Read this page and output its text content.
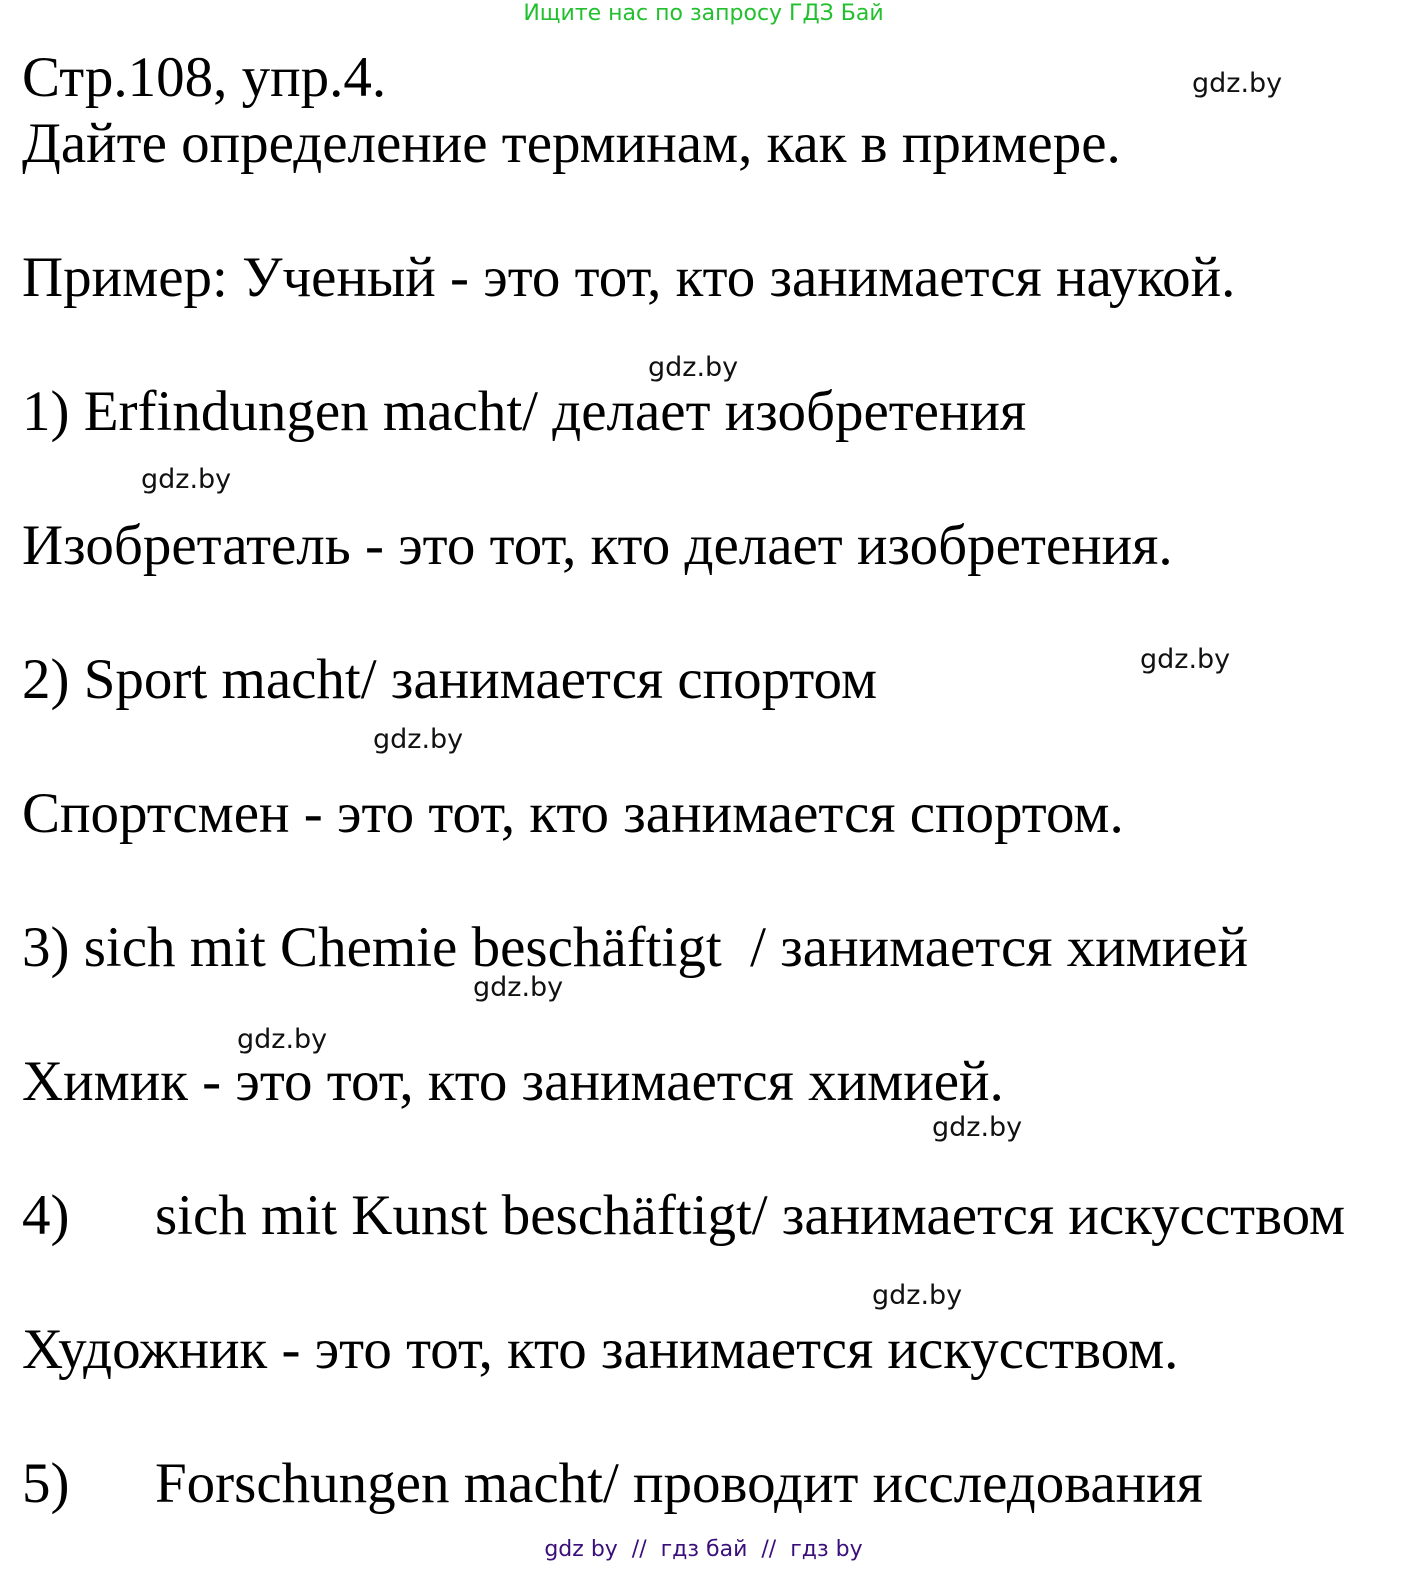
Ищите нас по запросу ГДЗ Бай
Стр.108, упр.4.
Дайте определение терминам, как в примере.
Пример: Ученый - это тот, кто занимается наукой.
1) Erfindungen macht/ делает изобретения
Изобретатель - это тот, кто делает изобретения.
2) Sport macht/ занимается спортом
Спортсмен - это тот, кто занимается спортом.
3) sich mit Chemie beschäftigt  / занимается химией
Химик - это тот, кто занимается химией.
4)      sich mit Kunst beschäftigt/ занимается искусством
Художник - это тот, кто занимается искусством.
5)      Forschungen macht/ проводит исследования
gdz.by
gdz.by
gdz.by
gdz.by
gdz.by
gdz.by
gdz.by
gdz.by
gdz.by
gdz by  //  гдз бай  //  гдз by
